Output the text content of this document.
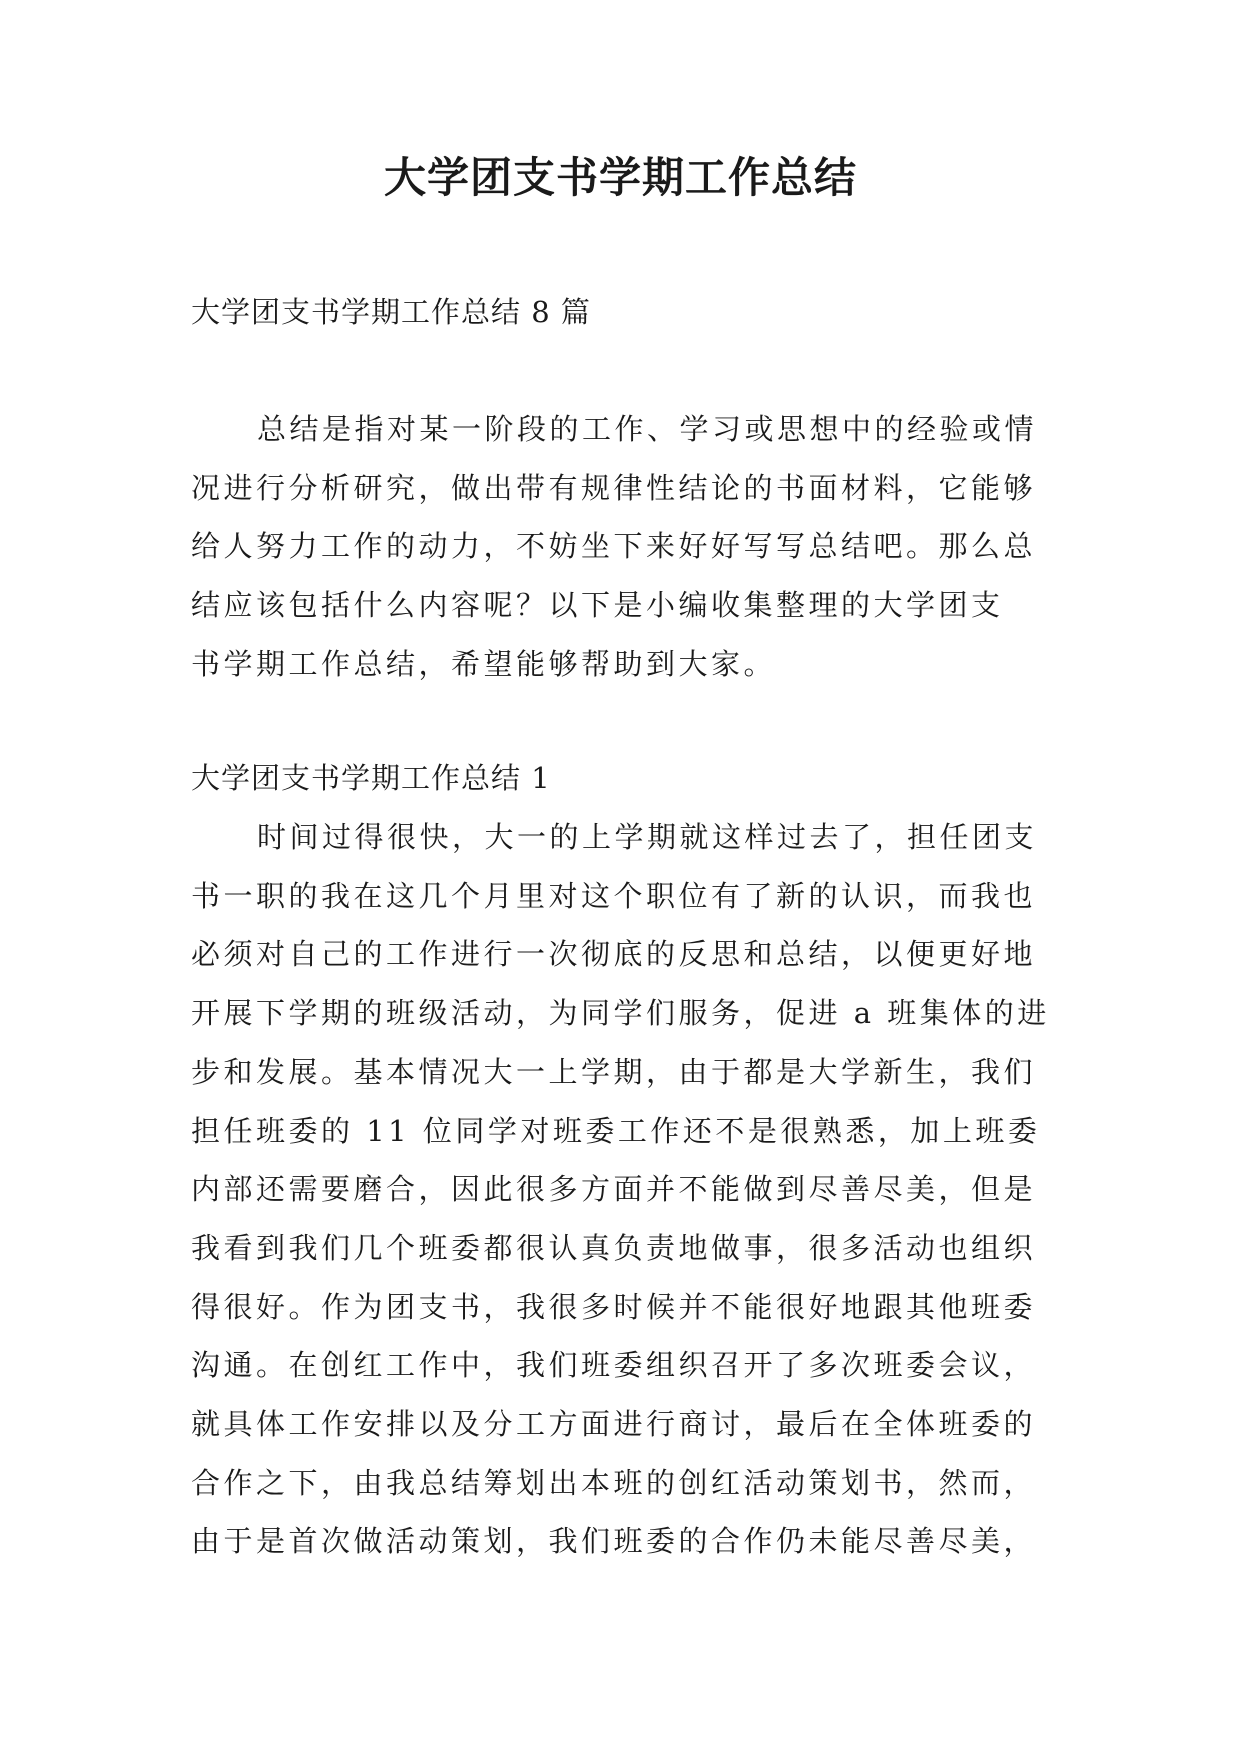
大学团支书学期工作总结

大学团支书学期工作总结 8 篇

总结是指对某一阶段的工作、学习或思想中的经验或情
况进行分析研究，做出带有规律性结论的书面材料，它能够
给人努力工作的动力，不妨坐下来好好写写总结吧。那么总
结应该包括什么内容呢？以下是小编收集整理的大学团支
书学期工作总结，希望能够帮助到大家。

大学团支书学期工作总结 1

时间过得很快，大一的上学期就这样过去了，担任团支
书一职的我在这几个月里对这个职位有了新的认识，而我也
必须对自己的工作进行一次彻底的反思和总结，以便更好地
开展下学期的班级活动，为同学们服务，促进 a 班集体的进
步和发展。基本情况大一上学期，由于都是大学新生，我们
担任班委的 11 位同学对班委工作还不是很熟悉，加上班委
内部还需要磨合，因此很多方面并不能做到尽善尽美，但是
我看到我们几个班委都很认真负责地做事，很多活动也组织
得很好。作为团支书，我很多时候并不能很好地跟其他班委
沟通。在创红工作中，我们班委组织召开了多次班委会议，
就具体工作安排以及分工方面进行商讨，最后在全体班委的
合作之下，由我总结筹划出本班的创红活动策划书，然而，
由于是首次做活动策划，我们班委的合作仍未能尽善尽美，
